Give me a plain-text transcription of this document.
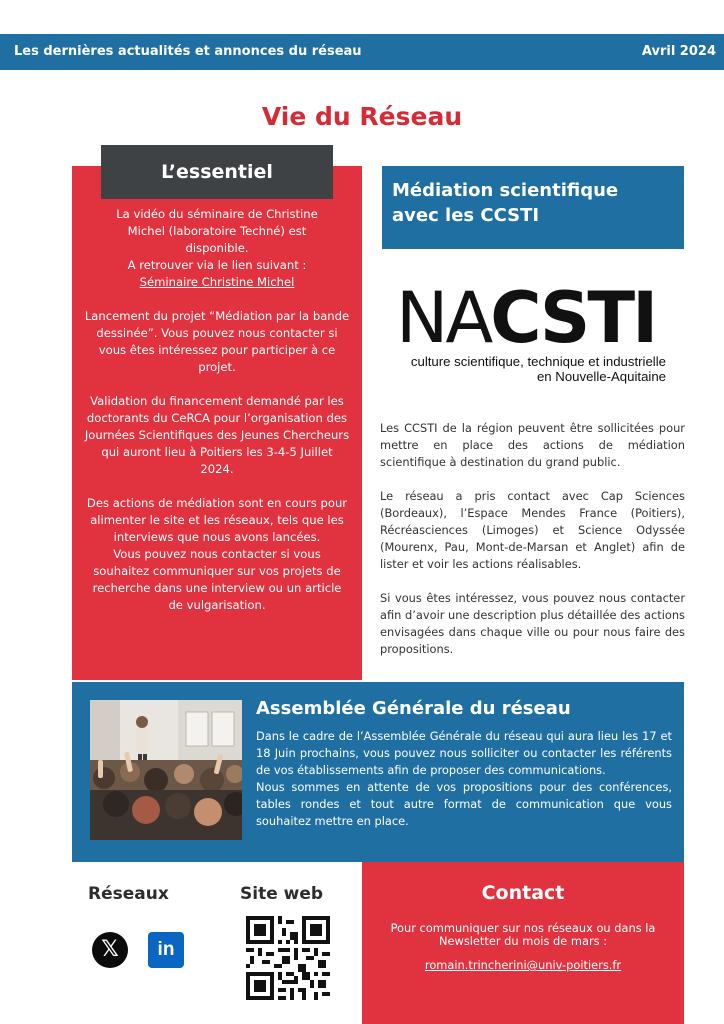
Les dernières actualités et annonces du réseau	Avril 2024
Vie du Réseau
L’essentiel

La vidéo du séminaire de Christine
Michel (laboratoire Techné) est
disponible.
A retrouver via le lien suivant :
Séminaire Christine Michel

Lancement du projet “Médiation par la bande dessinée”. Vous pouvez nous contacter si vous êtes intéressez pour participer à ce projet.

Validation du financement demandé par les doctorants du CeRCA pour l’organisation des Journées Scientifiques des Jeunes Chercheurs qui auront lieu à Poitiers les 3-4-5 Juillet 2024.

Des actions de médiation sont en cours pour alimenter le site et les réseaux, tels que les interviews que nous avons lancées.
Vous pouvez nous contacter si vous souhaitez communiquer sur vos projets de recherche dans une interview ou un article de vulgarisation.

Médiation scientifique
avec les CCSTI
NACSTI
culture scientifique, technique et industrielle
en Nouvelle-Aquitaine

Les CCSTI de la région peuvent être sollicitées pour mettre en place des actions de médiation scientifique à destination du grand public.

Le réseau a pris contact avec Cap Sciences (Bordeaux), l’Espace Mendes France (Poitiers), Récréasciences (Limoges) et Science Odyssée (Mourenx, Pau, Mont-de-Marsan et Anglet) afin de lister et voir les actions réalisables.

Si vous êtes intéressez, vous pouvez nous contacter afin d’avoir une description plus détaillée des actions envisagées dans chaque ville ou pour nous faire des propositions.

Assemblée Générale du réseau
Dans le cadre de l’Assemblée Générale du réseau qui aura lieu les 17 et 18 Juin prochains, vous pouvez nous solliciter ou contacter les référents de vos établissements afin de proposer des communications.
Nous sommes en attente de vos propositions pour des conférences, tables rondes et tout autre format de communication que vous souhaitez mettre en place.
Réseaux	Site web
𝕏	in
Contact
Pour communiquer sur nos réseaux ou dans la Newsletter du mois de mars :
romain.trincherini@univ-poitiers.fr
